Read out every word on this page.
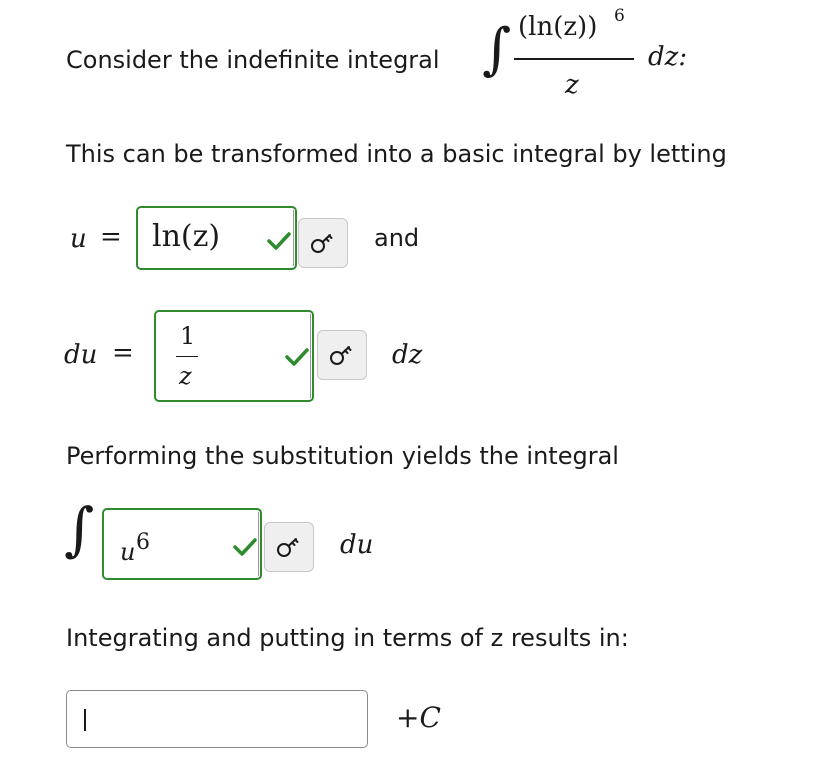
Consider the indefinite integral ∫ (ln(z)) 6
z
dz:
This can be transformed into a basic integral by letting
u = ln(z)	and
du =
1
z
dz
Performing the substitution yields the integral
∫ u 6	du
Integrating and putting in terms of z results in:
+C
